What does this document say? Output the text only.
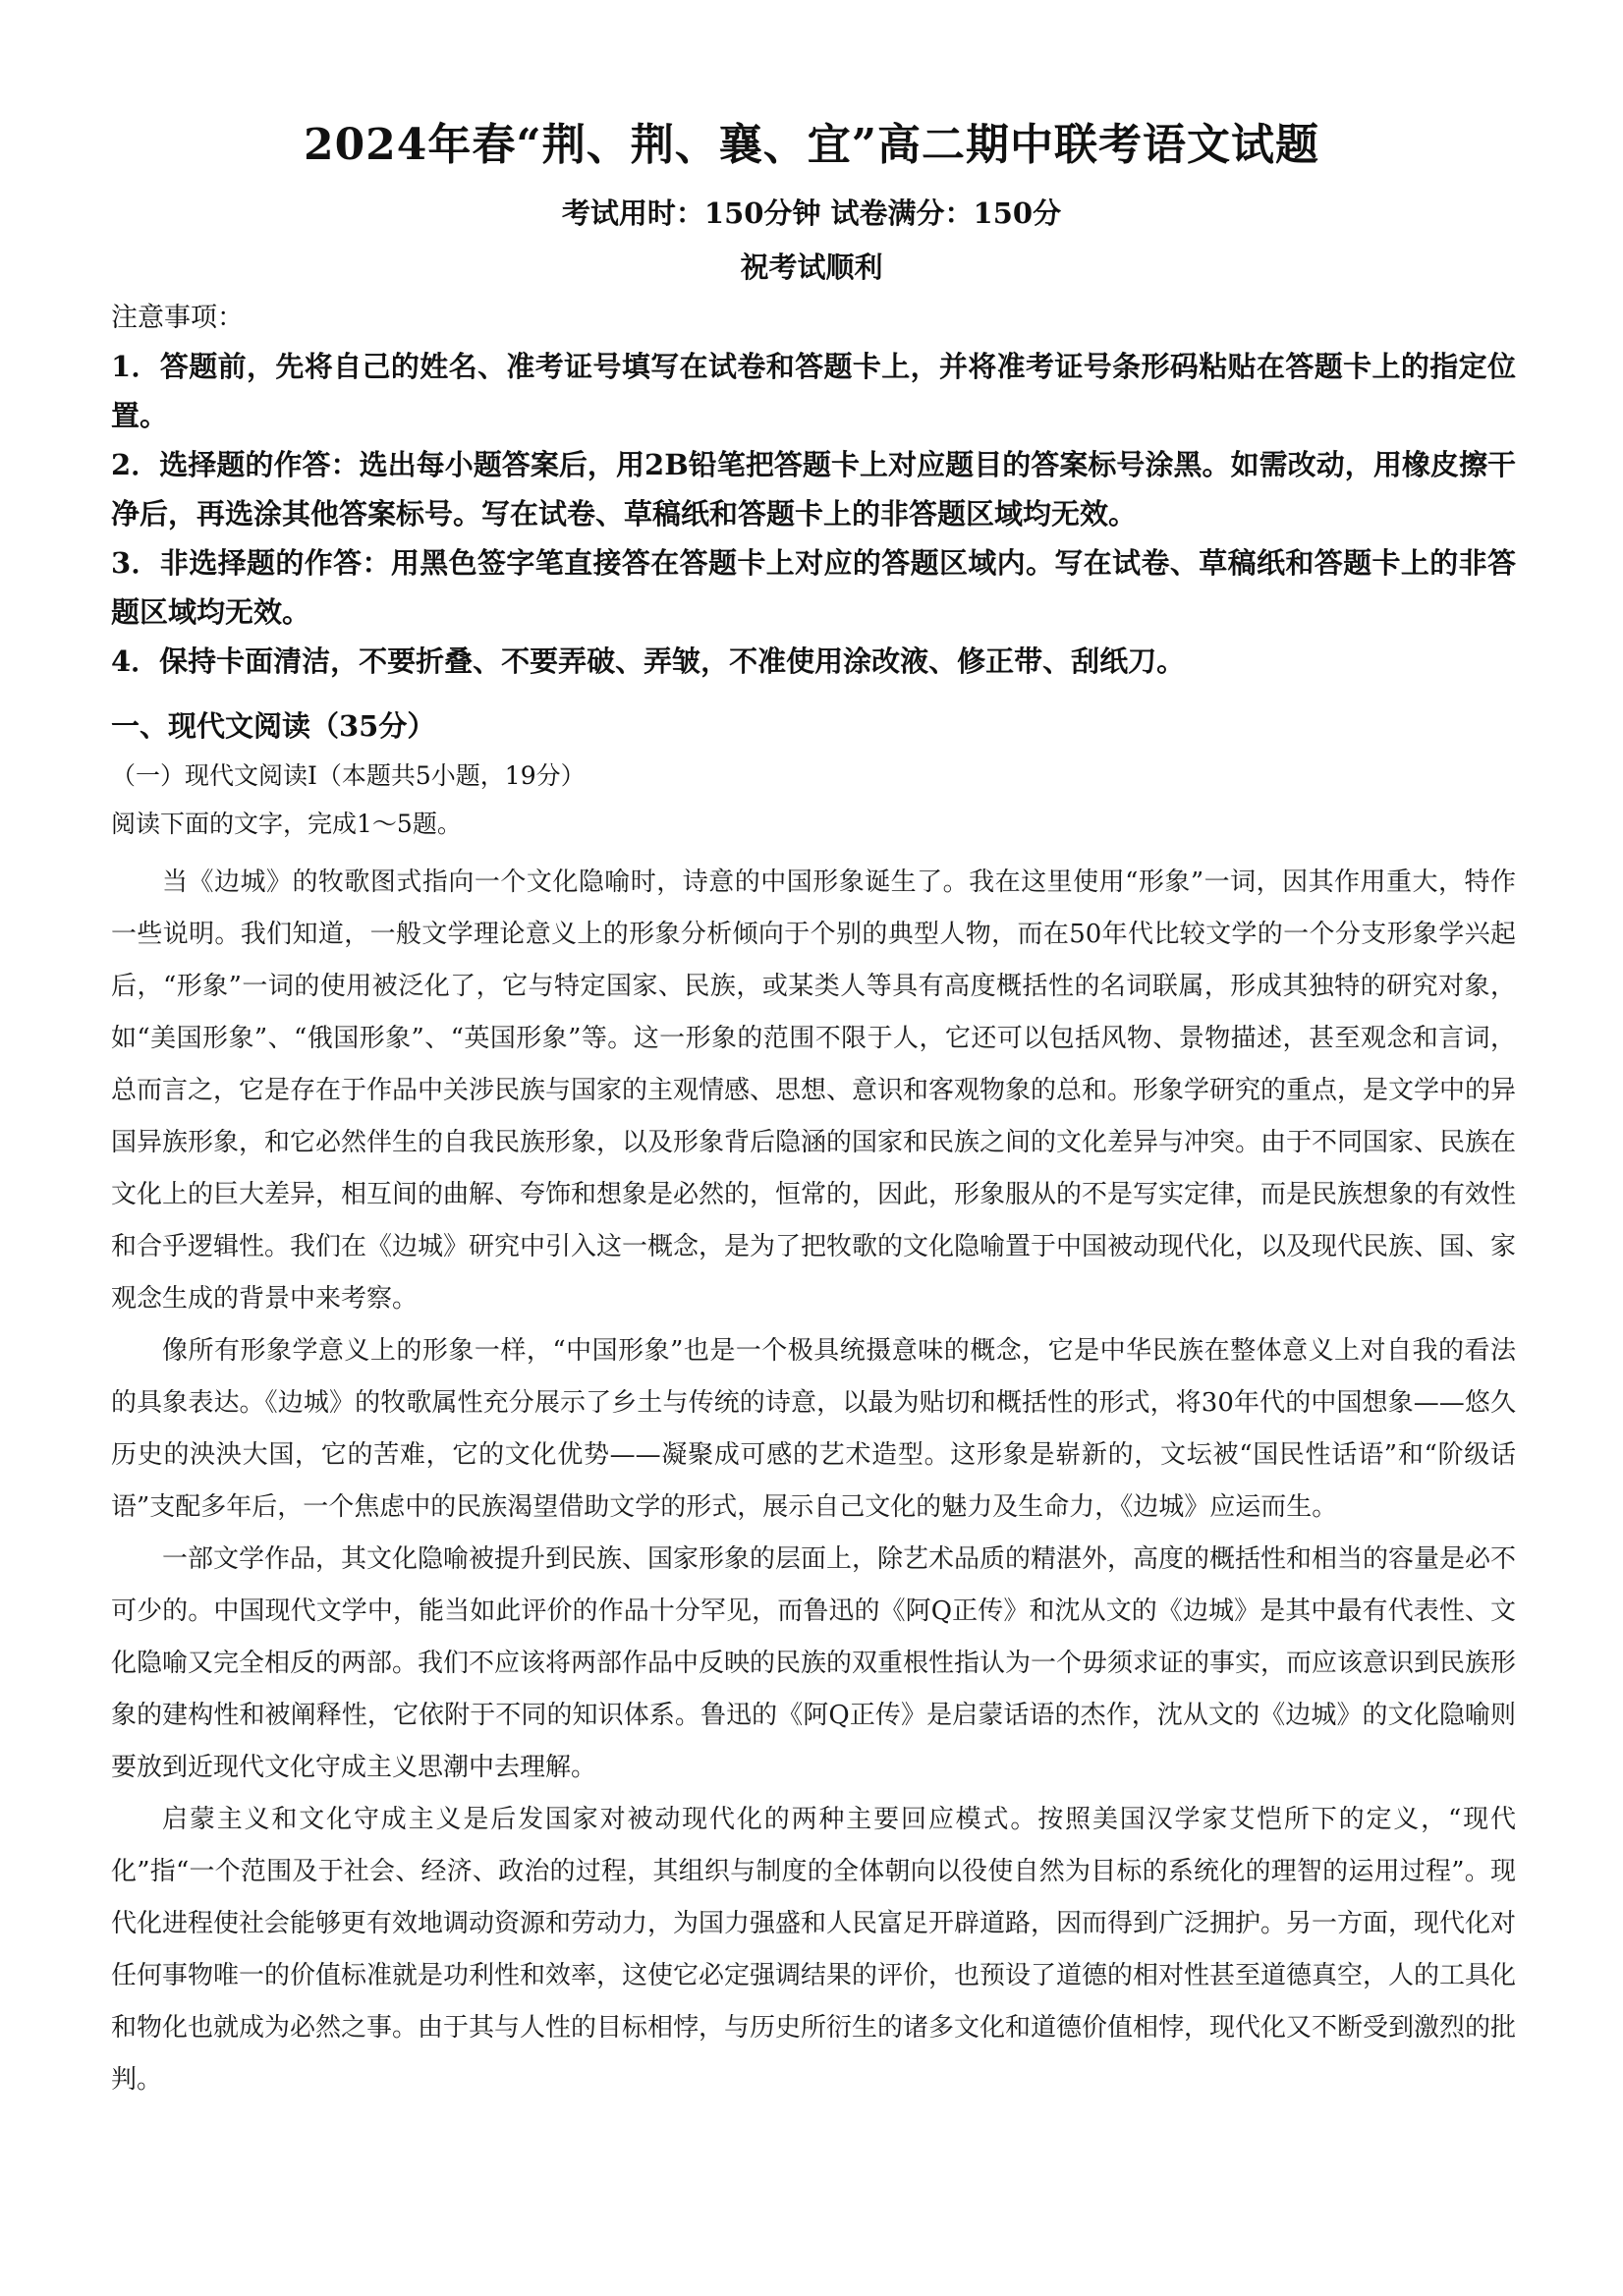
2024年春“荆、荆、襄、宜”高二期中联考语文试题
考试用时：150分钟 试卷满分：150分
祝考试顺利
注意事项：

1．答题前，先将自己的姓名、准考证号填写在试卷和答题卡上，并将准考证号条形码粘贴在答题卡上的指定位置。

2．选择题的作答：选出每小题答案后，用2B铅笔把答题卡上对应题目的答案标号涂黑。如需改动，用橡皮擦干净后，再选涂其他答案标号。写在试卷、草稿纸和答题卡上的非答题区域均无效。

3．非选择题的作答：用黑色签字笔直接答在答题卡上对应的答题区域内。写在试卷、草稿纸和答题卡上的非答题区域均无效。

4．保持卡面清洁，不要折叠、不要弄破、弄皱，不准使用涂改液、修正带、刮纸刀。

一、现代文阅读（35分）
（一）现代文阅读Ⅰ（本题共5小题，19分）
阅读下面的文字，完成1～5题。

当《边城》的牧歌图式指向一个文化隐喻时，诗意的中国形象诞生了。我在这里使用“形象”一词，因其作用重大，特作一些说明。我们知道，一般文学理论意义上的形象分析倾向于个别的典型人物，而在50年代比较文学的一个分支形象学兴起后，“形象”一词的使用被泛化了，它与特定国家、民族，或某类人等具有高度概括性的名词联属，形成其独特的研究对象，如“美国形象”、“俄国形象”、“英国形象”等。这一形象的范围不限于人，它还可以包括风物、景物描述，甚至观念和言词，总而言之，它是存在于作品中关涉民族与国家的主观情感、思想、意识和客观物象的总和。形象学研究的重点，是文学中的异国异族形象，和它必然伴生的自我民族形象，以及形象背后隐涵的国家和民族之间的文化差异与冲突。由于不同国家、民族在文化上的巨大差异，相互间的曲解、夸饰和想象是必然的，恒常的，因此，形象服从的不是写实定律，而是民族想象的有效性和合乎逻辑性。我们在《边城》研究中引入这一概念，是为了把牧歌的文化隐喻置于中国被动现代化，以及现代民族、国、家观念生成的背景中来考察。

像所有形象学意义上的形象一样，“中国形象”也是一个极具统摄意味的概念，它是中华民族在整体意义上对自我的看法的具象表达。《边城》的牧歌属性充分展示了乡土与传统的诗意，以最为贴切和概括性的形式，将30年代的中国想象——悠久历史的泱泱大国，它的苦难，它的文化优势——凝聚成可感的艺术造型。这形象是崭新的，文坛被“国民性话语”和“阶级话语”支配多年后，一个焦虑中的民族渴望借助文学的形式，展示自己文化的魅力及生命力，《边城》应运而生。

一部文学作品，其文化隐喻被提升到民族、国家形象的层面上，除艺术品质的精湛外，高度的概括性和相当的容量是必不可少的。中国现代文学中，能当如此评价的作品十分罕见，而鲁迅的《阿Q正传》和沈从文的《边城》是其中最有代表性、文化隐喻又完全相反的两部。我们不应该将两部作品中反映的民族的双重根性指认为一个毋须求证的事实，而应该意识到民族形象的建构性和被阐释性，它依附于不同的知识体系。鲁迅的《阿Q正传》是启蒙话语的杰作，沈从文的《边城》的文化隐喻则要放到近现代文化守成主义思潮中去理解。

启蒙主义和文化守成主义是后发国家对被动现代化的两种主要回应模式。按照美国汉学家艾恺所下的定义，“现代化”指“一个范围及于社会、经济、政治的过程，其组织与制度的全体朝向以役使自然为目标的系统化的理智的运用过程”。现代化进程使社会能够更有效地调动资源和劳动力，为国力强盛和人民富足开辟道路，因而得到广泛拥护。另一方面，现代化对任何事物唯一的价值标准就是功利性和效率，这使它必定强调结果的评价，也预设了道德的相对性甚至道德真空，人的工具化和物化也就成为必然之事。由于其与人性的目标相悖，与历史所衍生的诸多文化和道德价值相悖，现代化又不断受到激烈的批判。
